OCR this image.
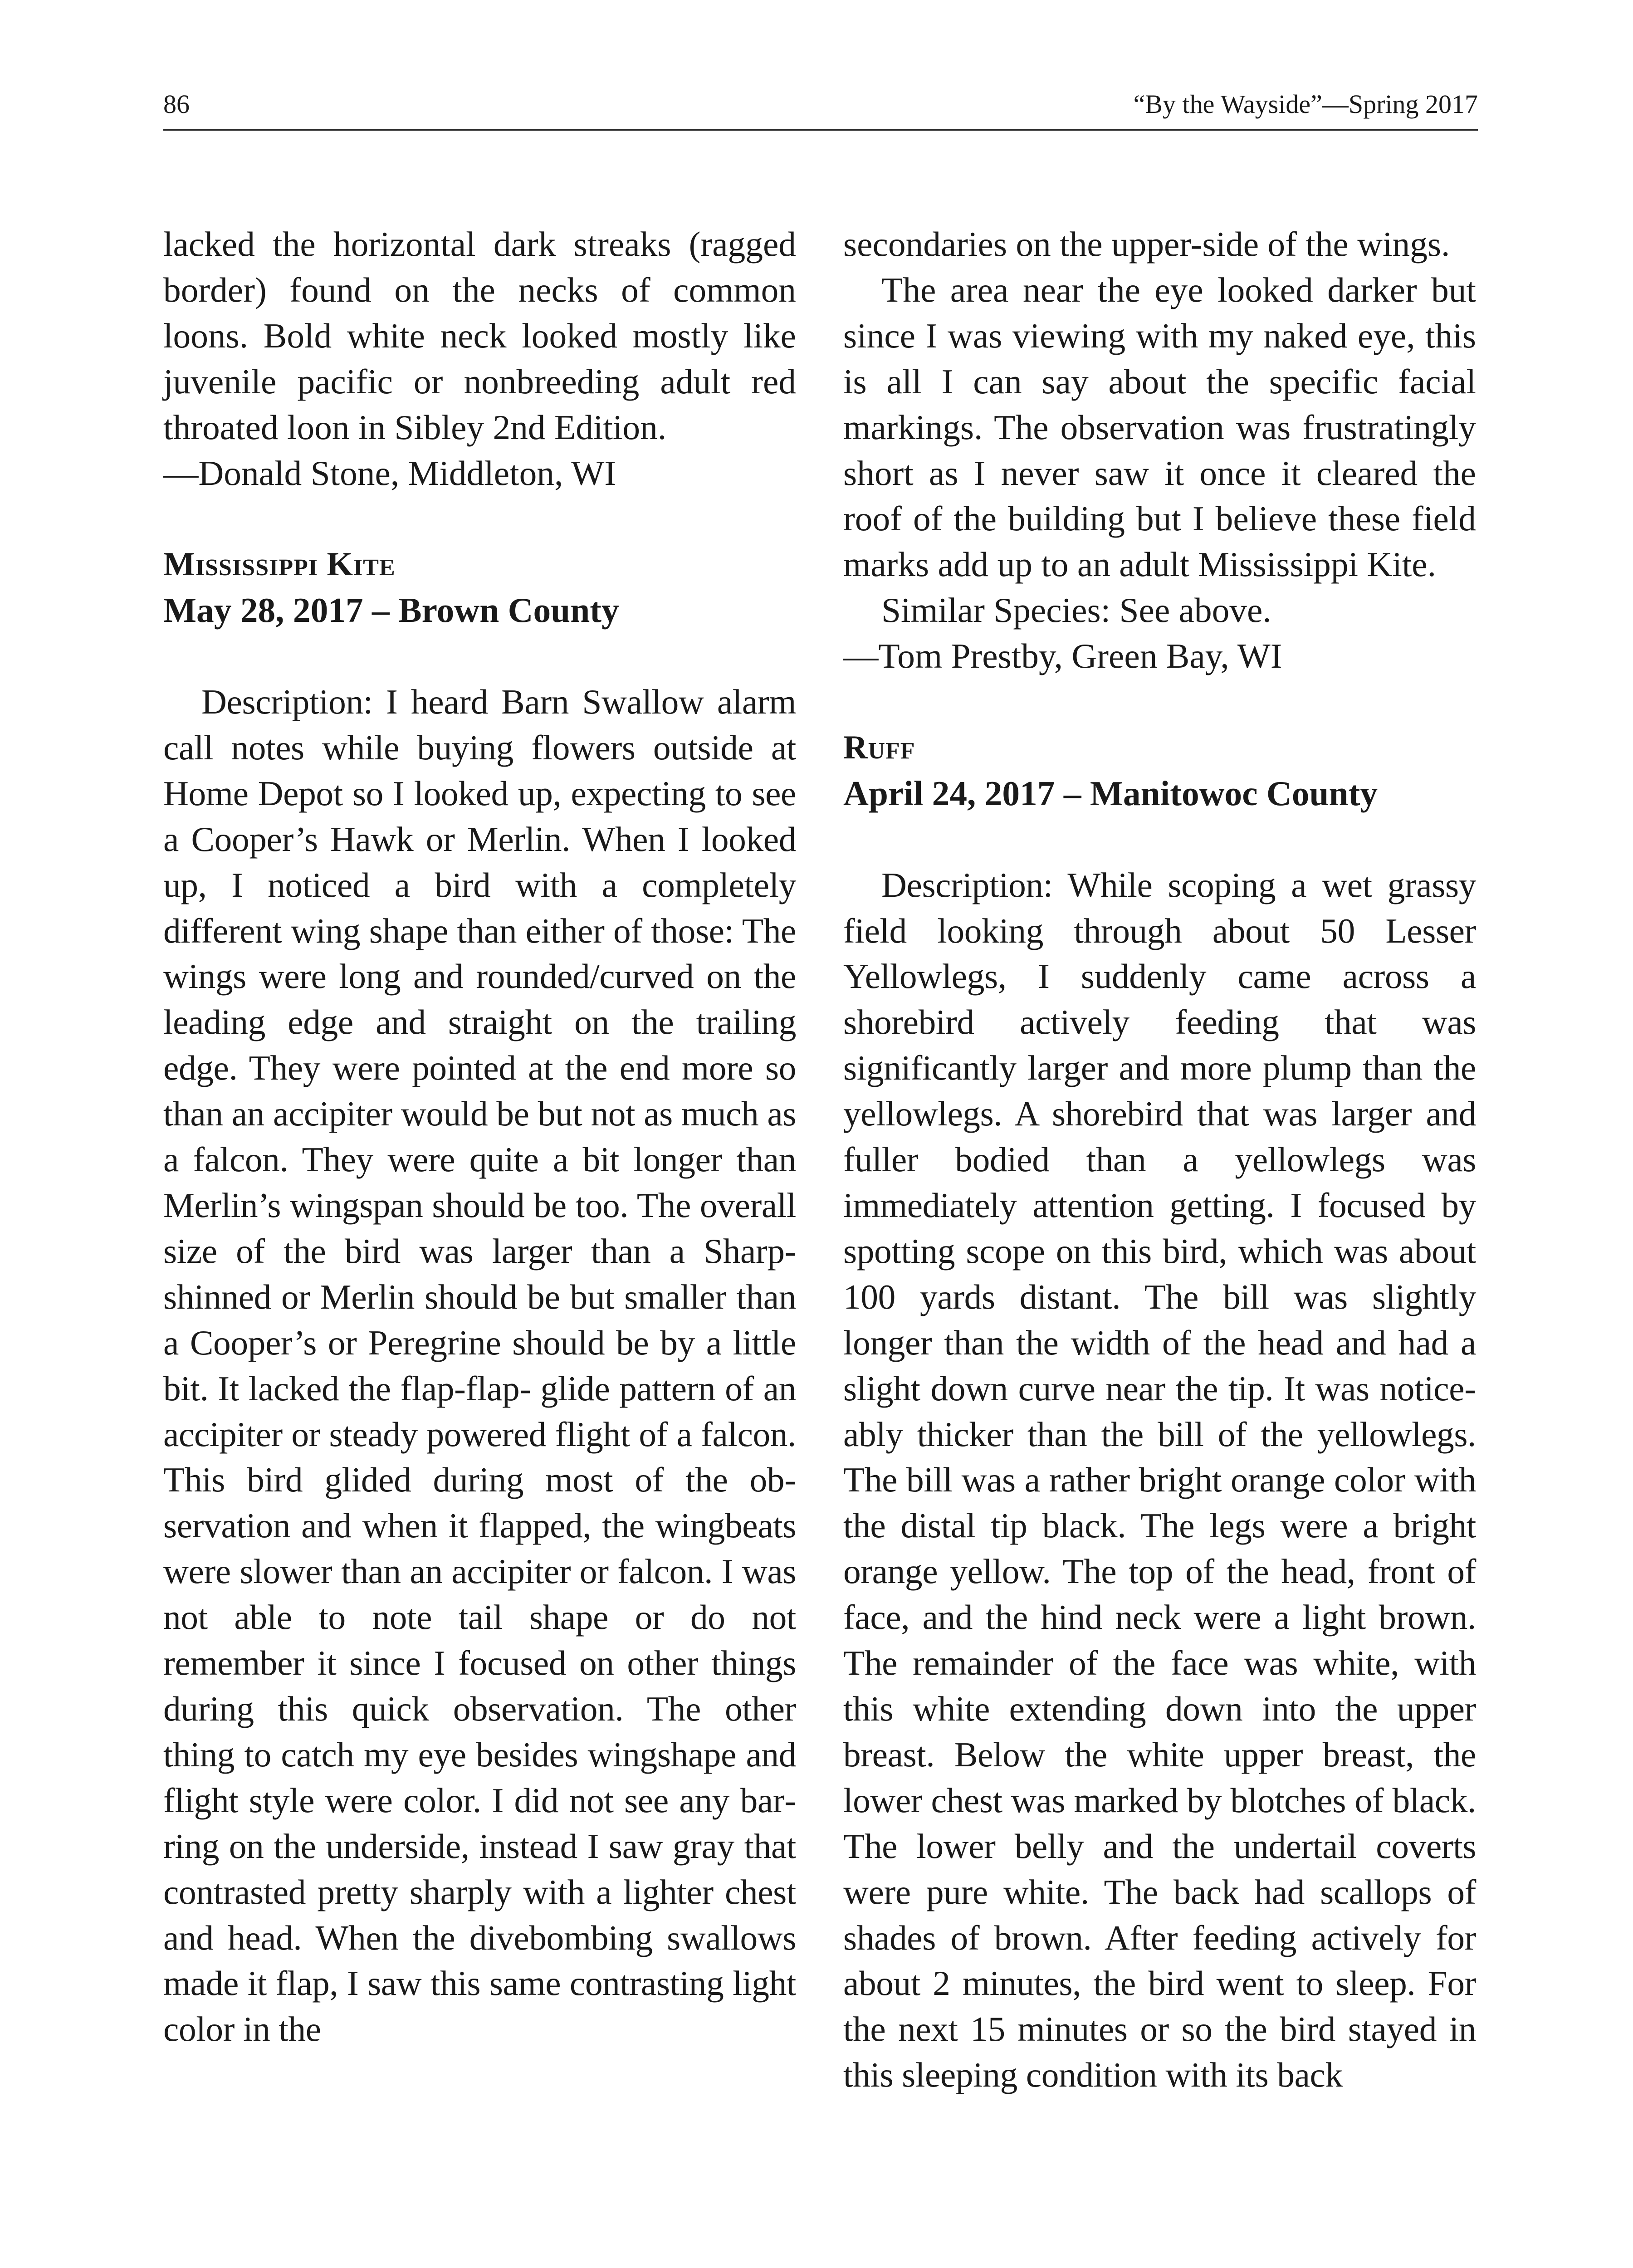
86	“By the Wayside”—Spring 2017

lacked the horizontal dark streaks (ragged border) found on the necks of common loons. Bold white neck looked mostly like juvenile pacific or nonbreeding adult red throated loon in Sibley 2nd Edition.

—Donald Stone, Middleton, WI

Mississippi Kite

May 28, 2017 – Brown County

Description: I heard Barn Swallow alarm call notes while buying flowers outside at Home Depot so I looked up, expecting to see a Cooper’s Hawk or Merlin. When I looked up, I noticed a bird with a completely different wing shape than either of those: The wings were long and rounded/curved on the leading edge and straight on the trailing edge. They were pointed at the end more so than an accipiter would be but not as much as a falcon. They were quite a bit longer than Merlin’s wingspan should be too. The overall size of the bird was larger than a Sharp-shinned or Merlin should be but smaller than a Cooper’s or Peregrine should be by a little bit. It lacked the flap-flap- glide pattern of an accipiter or steady powered flight of a falcon. This bird glided during most of the observation and when it flapped, the wingbeats were slower than an accipiter or falcon. I was not able to note tail shape or do not remember it since I focused on other things during this quick observation. The other thing to catch my eye besides wingshape and flight style were color. I did not see any barring on the underside, instead I saw gray that contrasted pretty sharply with a lighter chest and head. When the divebombing swallows made it flap, I saw this same contrasting light color in the

secondaries on the upper-side of the wings.

The area near the eye looked darker but since I was viewing with my naked eye, this is all I can say about the specific facial markings. The observation was frustratingly short as I never saw it once it cleared the roof of the building but I believe these field marks add up to an adult Mississippi Kite.

Similar Species: See above.

—Tom Prestby, Green Bay, WI

Ruff

April 24, 2017 – Manitowoc County

Description: While scoping a wet grassy field looking through about 50 Lesser Yellowlegs, I suddenly came across a shorebird actively feeding that was significantly larger and more plump than the yellowlegs. A shorebird that was larger and fuller bodied than a yellowlegs was immediately attention getting. I focused by spotting scope on this bird, which was about 100 yards distant. The bill was slightly longer than the width of the head and had a slight down curve near the tip. It was noticeably thicker than the bill of the yellowlegs. The bill was a rather bright orange color with the distal tip black. The legs were a bright orange yellow. The top of the head, front of face, and the hind neck were a light brown. The remainder of the face was white, with this white extending down into the upper breast. Below the white upper breast, the lower chest was marked by blotches of black. The lower belly and the undertail coverts were pure white. The back had scallops of shades of brown. After feeding actively for about 2 minutes, the bird went to sleep. For the next 15 minutes or so the bird stayed in this sleeping condition with its back
